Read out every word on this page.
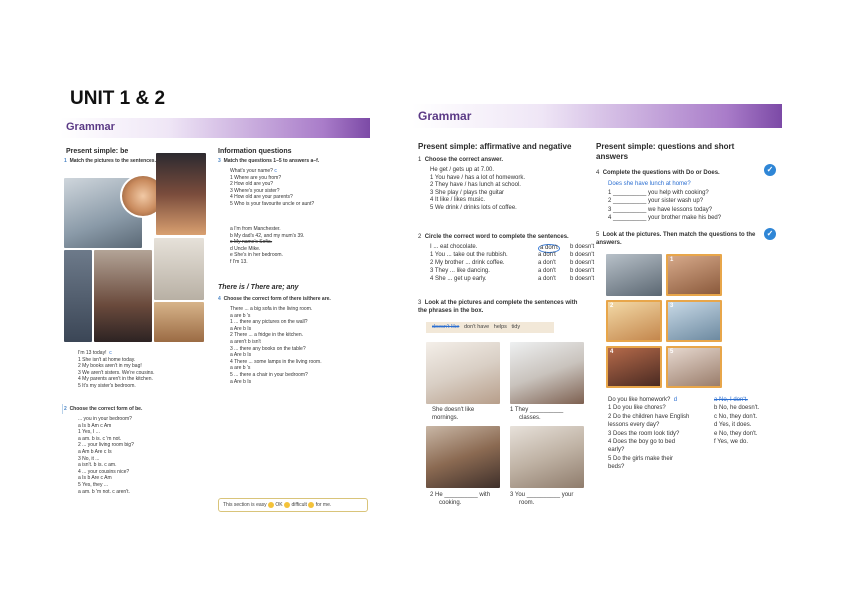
UNIT 1 & 2
Grammar
Present simple: be
1 Match the pictures to the sentences.
I'm 13 today! c
1 She isn't at home today.
2 My books aren't in my bag!
3 We aren't sisters. We're cousins.
4 My parents aren't in the kitchen.
5 It's my sister's bedroom.
2 Choose the correct form of be.
... you in your bedroom?
a Is b Am c Am
1 Yes, I ...
a am. b is. c 'm not.
2 ... your living room big?
a Am b Are c Is
3 No, it ...
a isn't. b is. c am.
4 ... your cousins nice?
a Is b Are c Am
5 Yes, they ...
a am. b 'm not. c aren't.
Information questions
3 Match the questions 1–5 to answers a–f.
What's your name? c
1 Where are you from?
2 How old are you?
3 Where's your sister?
4 How old are your parents?
5 Who is your favourite uncle or aunt?
a I'm from Manchester.
b My dad's 42, and my mum's 39.
c My name's Sofia.
d Uncle Mike.
e She's in her bedroom.
f I'm 13.
There is / There are; any
4 Choose the correct form of there is/there are.
There ... a big sofa in the living room.
a are b 's
1 ... there any pictures on the wall?
a Are b Is
2 There ... a fridge in the kitchen.
a aren't b isn't
3 ... there any books on the table?
a Are b Is
4 There ... some lamps in the living room.
a are b 's
5 ... there a chair in your bedroom?
a Are b Is
This section is easy OK difficult for me.
Grammar
Present simple: affirmative and negative
1 Choose the correct answer.
He get / gets up at 7.00.
1 You have / has a lot of homework.
2 They have / has lunch at school.
3 She play / plays the guitar
4 It like / likes music.
5 We drink / drinks lots of coffee.
2 Circle the correct word to complete the sentences.
I ... eat chocolate.	a don't	b doesn't
1 You ... take out the rubbish.	a don't b doesn't
2 My brother ... drink coffee.	a don't b doesn't
3 They ... like dancing.	a don't b doesn't
4 She ... get up early.	a don't b doesn't
3 Look at the pictures and complete the sentences with the phrases in the box.
doesn't like don't have helps tidy
She doesn't like
mornings.
1 They __________
classes.
2 He __________ with
cooking.
3 You __________ your
room.
Present simple: questions and short answers
✓
4 Complete the questions with Do or Does.
Does she have lunch at home?
1 __________ you help with cooking?
2 __________ your sister wash up?
3 __________ we have lessons today?
4 __________ your brother make his bed?
✓
5 Look at the pictures. Then match the questions to the answers.
1
2	3
4	5
Do you like homework? d
1 Do you like chores?
2 Do the children have English
lessons every day?
3 Does the room look tidy?
4 Does the boy go to bed
early?
5 Do the girls make their
beds?
a No, I don't.
b No, he doesn't.
c No, they don't.
d Yes, it does.
e No, they don't.
f Yes, we do.
